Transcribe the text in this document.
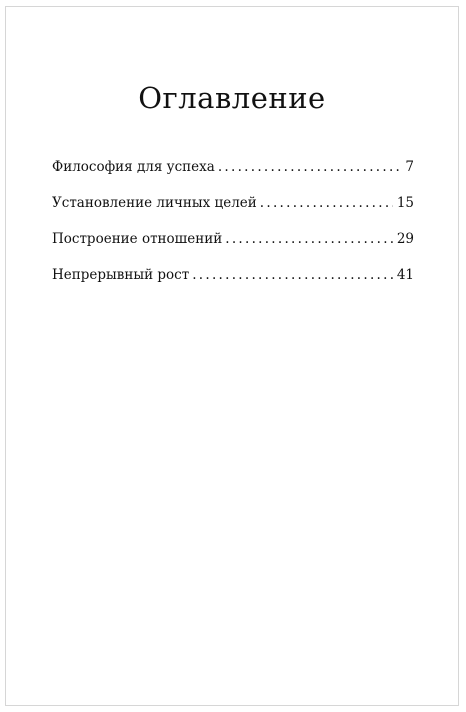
Оглавление
Философия для успеха . . .	7
Установление личных целей . . .	15
Построение отношений . . .	29
Непрерывный рост . . .	41
